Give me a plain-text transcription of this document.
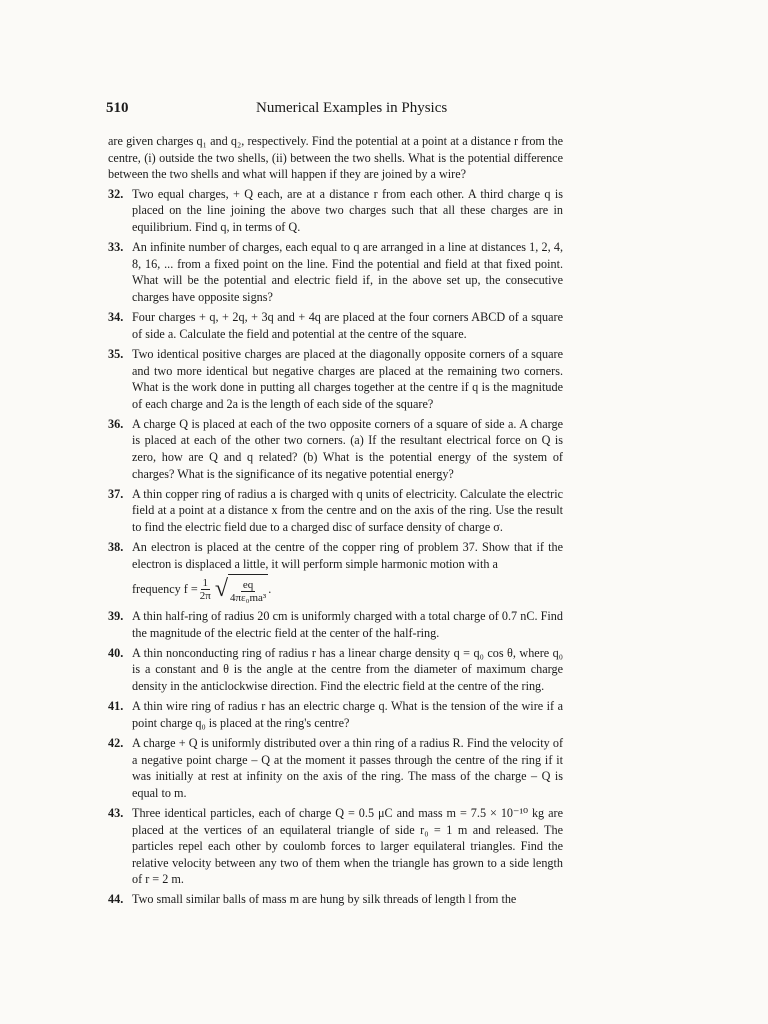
510	Numerical Examples in Physics

are given charges q₁ and q₂, respectively. Find the potential at a point at a distance r from the centre, (i) outside the two shells, (ii) between the two shells. What is the potential difference between the two shells and what will happen if they are joined by a wire?

32. Two equal charges, + Q each, are at a distance r from each other. A third charge q is placed on the line joining the above two charges such that all these charges are in equilibrium. Find q, in terms of Q.
33. An infinite number of charges, each equal to q are arranged in a line at distances 1, 2, 4, 8, 16, ... from a fixed point on the line. Find the potential and field at that fixed point. What will be the potential and electric field if, in the above set up, the consecutive charges have opposite signs?
34. Four charges + q, + 2q, + 3q and + 4q are placed at the four corners ABCD of a square of side a. Calculate the field and potential at the centre of the square.
35. Two identical positive charges are placed at the diagonally opposite corners of a square and two more identical but negative charges are placed at the remaining two corners. What is the work done in putting all charges together at the centre if q is the magnitude of each charge and 2a is the length of each side of the square?
36. A charge Q is placed at each of the two opposite corners of a square of side a. A charge is placed at each of the other two corners. (a) If the resultant electrical force on Q is zero, how are Q and q related? (b) What is the potential energy of the system of charges? What is the significance of its negative potential energy?
37. A thin copper ring of radius a is charged with q units of electricity. Calculate the electric field at a point at a distance x from the centre and on the axis of the ring. Use the result to find the electric field due to a charged disc of surface density of charge σ.
38. An electron is placed at the centre of the copper ring of problem 37. Show that if the electron is displaced a little, it will perform simple harmonic motion with a
frequency $f = \frac{1}{2\pi}$ √ $\frac{eq}{\text{4πε₀ma³}}$ .
39. A thin half-ring of radius 20 cm is uniformly charged with a total charge of 0.7 nC. Find the magnitude of the electric field at the center of the half-ring.
40. A thin nonconducting ring of radius r has a linear charge density q = q₀ cos θ, where q₀ is a constant and θ is the angle at the centre from the diameter of maximum charge density in the anticlockwise direction. Find the electric field at the centre of the ring.
41. A thin wire ring of radius r has an electric charge q. What is the tension of the wire if a point charge q₀ is placed at the ring's centre?
42. A charge + Q is uniformly distributed over a thin ring of a radius R. Find the velocity of a negative point charge – Q at the moment it passes through the centre of the ring if it was initially at rest at infinity on the axis of the ring. The mass of the charge – Q is equal to m.
43. Three identical particles, each of charge Q = 0.5 μC and mass m = 7.5 × 10⁻¹⁰ kg are placed at the vertices of an equilateral triangle of side r₀ = 1 m and released. The particles repel each other by coulomb forces to larger equilateral triangles. Find the relative velocity between any two of them when the triangle has grown to a side length of r = 2 m.
44. Two small similar balls of mass m are hung by silk threads of length l from the
